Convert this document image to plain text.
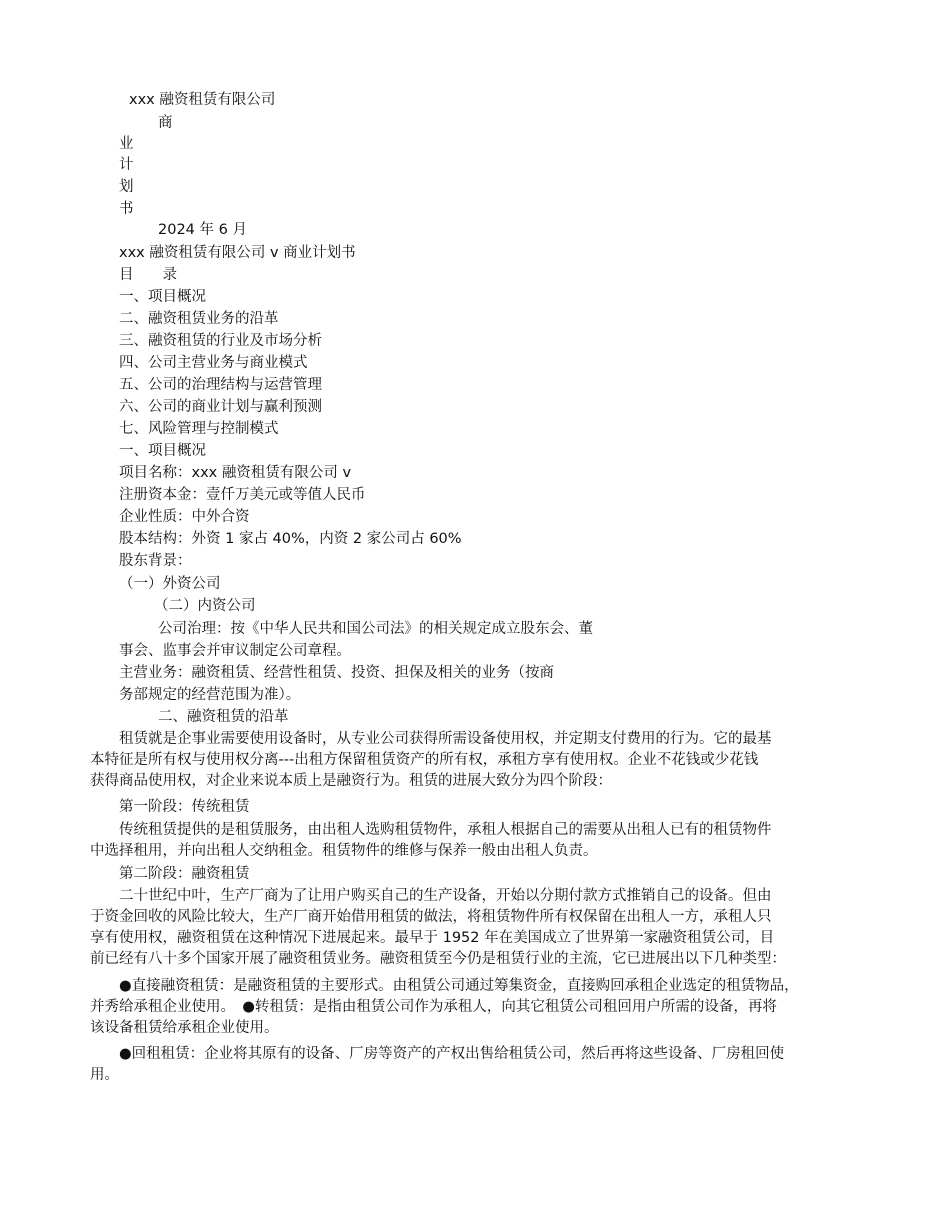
xxx 融资租赁有限公司
商
业
计
划
书
2024 年 6 月
xxx 融资租赁有限公司 v 商业计划书
目　　录
一、项目概况
二、融资租赁业务的沿革
三、融资租赁的行业及市场分析
四、公司主营业务与商业模式
五、公司的治理结构与运营管理
六、公司的商业计划与赢利预测
七、风险管理与控制模式
一、项目概况
项目名称：xxx 融资租赁有限公司 v
注册资本金：壹仟万美元或等值人民币
企业性质：中外合资
股本结构：外资 1 家占 40%，内资 2 家公司占 60%
股东背景：
（一）外资公司
（二）内资公司
公司治理：按《中华人民共和国公司法》的相关规定成立股东会、董
事会、监事会并审议制定公司章程。
主营业务：融资租赁、经营性租赁、投资、担保及相关的业务（按商
务部规定的经营范围为准）。
二、融资租赁的沿革
租赁就是企事业需要使用设备时，从专业公司获得所需设备使用权，并定期支付费用的行为。它的最基
本特征是所有权与使用权分离---出租方保留租赁资产的所有权，承租方享有使用权。企业不花钱或少花钱
获得商品使用权，对企业来说本质上是融资行为。租赁的进展大致分为四个阶段：
第一阶段：传统租赁
传统租赁提供的是租赁服务，由出租人选购租赁物件，承租人根据自己的需要从出租人已有的租赁物件
中选择租用，并向出租人交纳租金。租赁物件的维修与保养一般由出租人负责。
第二阶段：融资租赁
二十世纪中叶，生产厂商为了让用户购买自己的生产设备，开始以分期付款方式推销自己的设备。但由
于资金回收的风险比较大，生产厂商开始借用租赁的做法，将租赁物件所有权保留在出租人一方，承租人只
享有使用权，融资租赁在这种情况下进展起来。最早于 1952 年在美国成立了世界第一家融资租赁公司，目
前已经有八十多个国家开展了融资租赁业务。融资租赁至今仍是租赁行业的主流，它已进展出以下几种类型：
●直接融资租赁：是融资租赁的主要形式。由租赁公司通过筹集资金，直接购回承租企业选定的租赁物品，
并秀给承租企业使用。　●转租赁：是指由租赁公司作为承租人，向其它租赁公司租回用户所需的设备，再将
该设备租赁给承租企业使用。
●回租租赁：企业将其原有的设备、厂房等资产的产权出售给租赁公司，然后再将这些设备、厂房租回使
用。
